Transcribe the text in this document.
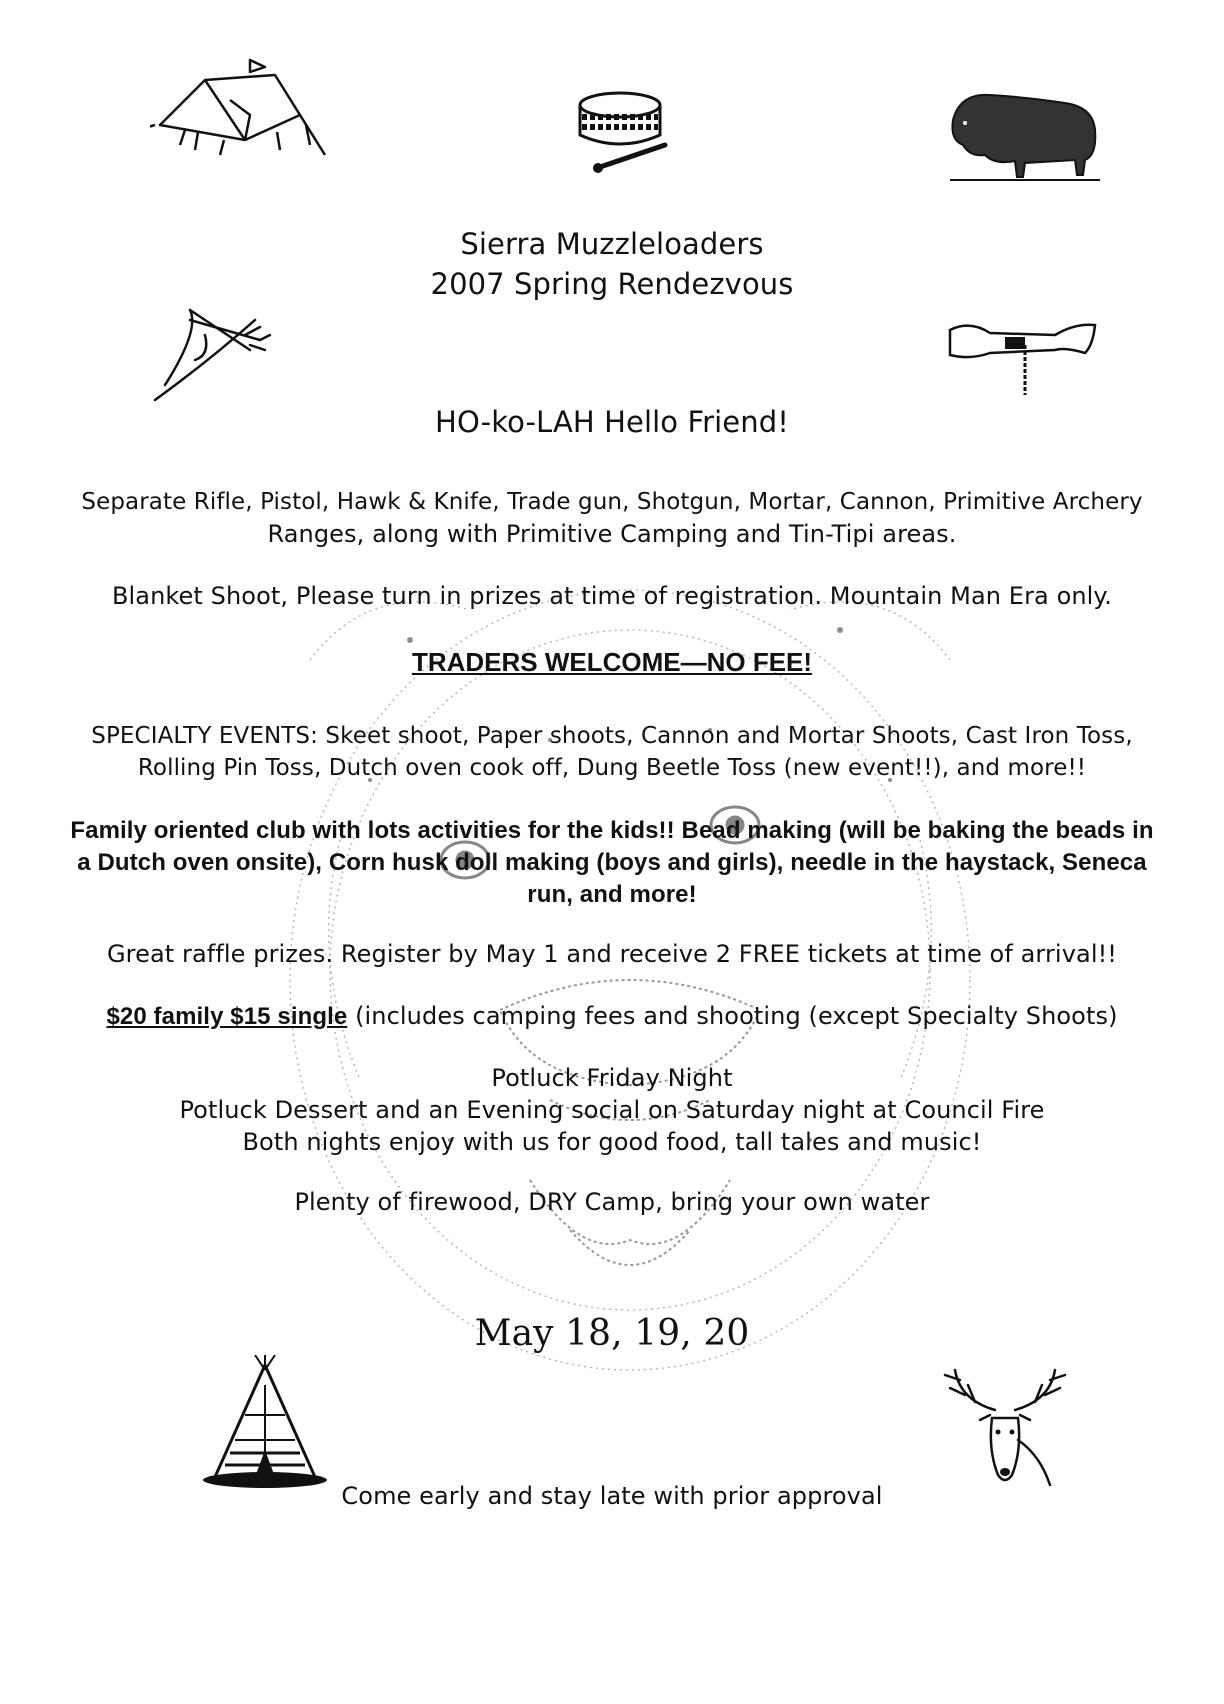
Sierra Muzzleloaders
2007 Spring Rendezvous
HO-ko-LAH Hello Friend!
Separate Rifle, Pistol, Hawk & Knife, Trade gun, Shotgun, Mortar, Cannon, Primitive Archery
Ranges, along with Primitive Camping and Tin-Tipi areas.
Blanket Shoot, Please turn in prizes at time of registration. Mountain Man Era only.
TRADERS WELCOME—NO FEE!
SPECIALTY EVENTS: Skeet shoot, Paper shoots, Cannon and Mortar Shoots, Cast Iron Toss,
Rolling Pin Toss, Dutch oven cook off, Dung Beetle Toss (new event!!), and more!!
Family oriented club with lots activities for the kids!! Bead making (will be baking the beads in
a Dutch oven onsite), Corn husk doll making (boys and girls), needle in the haystack, Seneca
run, and more!
Great raffle prizes. Register by May 1 and receive 2 FREE tickets at time of arrival!!
$20 family $15 single (includes camping fees and shooting (except Specialty Shoots)
Potluck Friday Night
Potluck Dessert and an Evening social on Saturday night at Council Fire
Both nights enjoy with us for good food, tall tales and music!
Plenty of firewood, DRY Camp, bring your own water
May 18, 19, 20
Come early and stay late with prior approval
